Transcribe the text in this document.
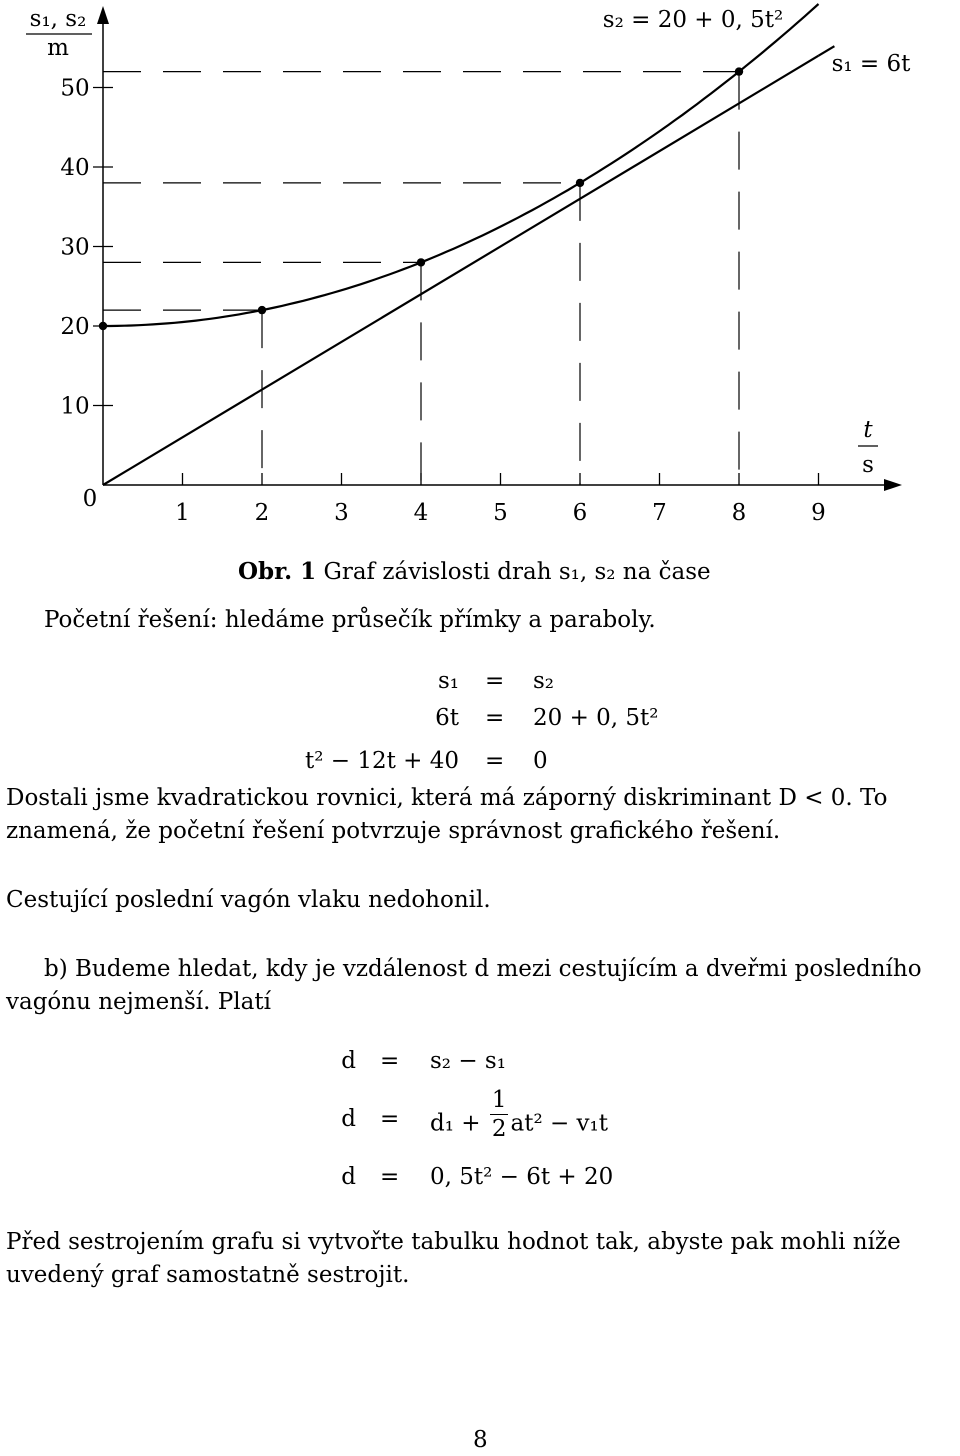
1	2	3	4	5	6	7	8	9
0
10
20
30
40
50
s₁, s₂
m
t
s
s₂ = 20 + 0, 5t²
s₁ = 6t
Obr. 1 Graf závislosti drah s₁, s₂ na čase
Početní řešení: hledáme průsečík přímky a paraboly.
s₁ = s₂
6t = 20 + 0, 5t²
t² − 12t + 40 = 0
Dostali jsme kvadratickou rovnici, která má záporný diskriminant D < 0. To
znamená, že početní řešení potvrzuje správnost grafického řešení.
Cestující poslední vagón vlaku nedohonil.
b) Budeme hledat, kdy je vzdálenost d mezi cestujícím a dveřmi posledního
vagónu nejmenší. Platí
d = s₂ − s₁
$d = d_1 + \frac{1}{2} at^2 - v_1t$
d = 0, 5t² − 6t + 20
Před sestrojením grafu si vytvořte tabulku hodnot tak, abyste pak mohli níže
uvedený graf samostatně sestrojit.
8
